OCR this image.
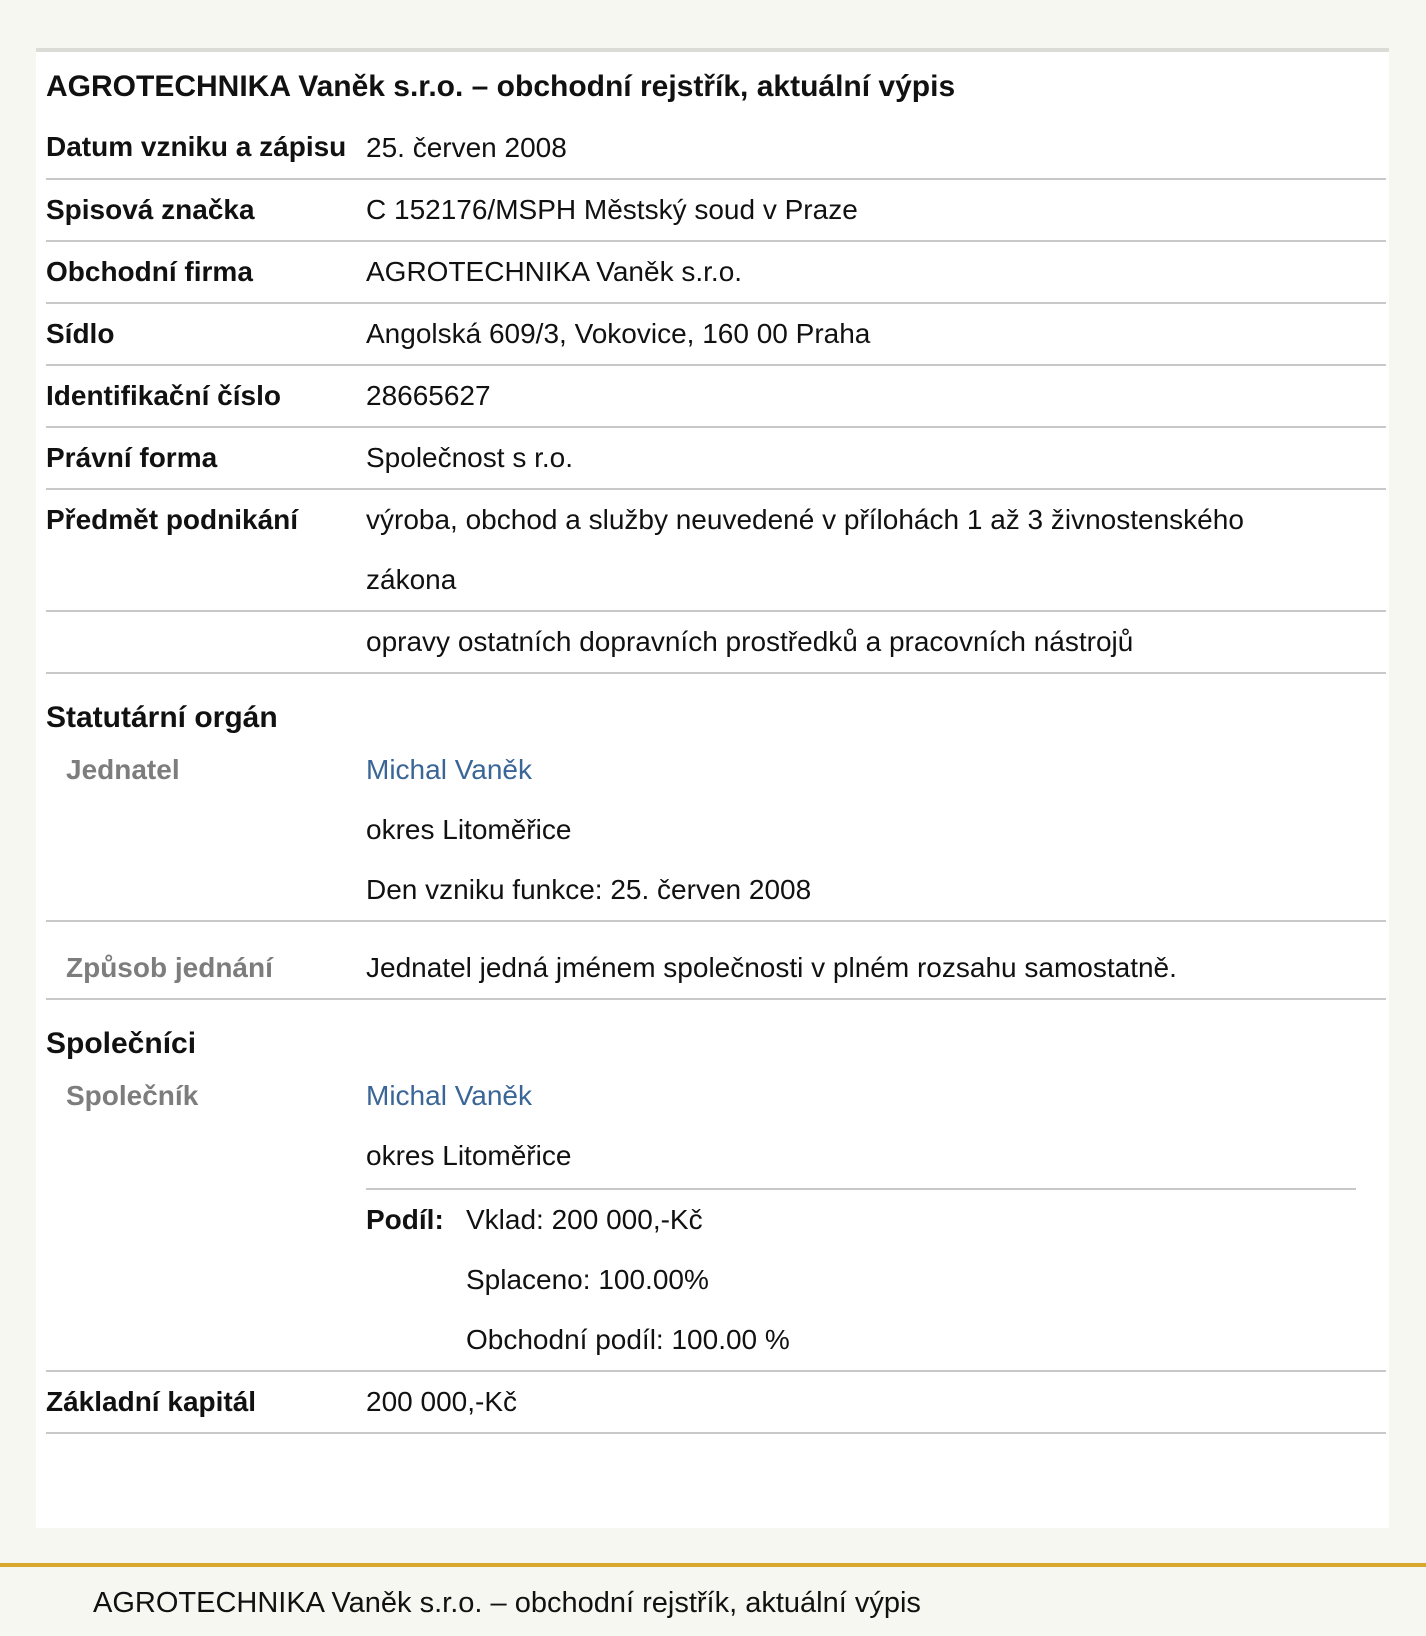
AGROTECHNIKA Vaněk s.r.o. – obchodní rejstřík, aktuální výpis
Datum vzniku a zápisu 25. červen 2008
Spisová značka	C 152176/MSPH Městský soud v Praze
Obchodní firma	AGROTECHNIKA Vaněk s.r.o.
Sídlo	Angolská 609/3, Vokovice, 160 00 Praha
Identifikační číslo	28665627
Právní forma	Společnost s r.o.
Předmět podnikání	výroba, obchod a služby neuvedené v přílohách 1 až 3 živnostenského zákona
opravy ostatních dopravních prostředků a pracovních nástrojů
Statutární orgán
Jednatel	Michal Vaněk
okres Litoměřice
Den vzniku funkce: 25. červen 2008
Způsob jednání	Jednatel jedná jménem společnosti v plném rozsahu samostatně.
Společníci
Společník	Michal Vaněk
okres Litoměřice
Podíl: Vklad: 200 000,-Kč
Splaceno: 100.00%
Obchodní podíl: 100.00 %
Základní kapitál	200 000,-Kč
AGROTECHNIKA Vaněk s.r.o. – obchodní rejstřík, aktuální výpis
